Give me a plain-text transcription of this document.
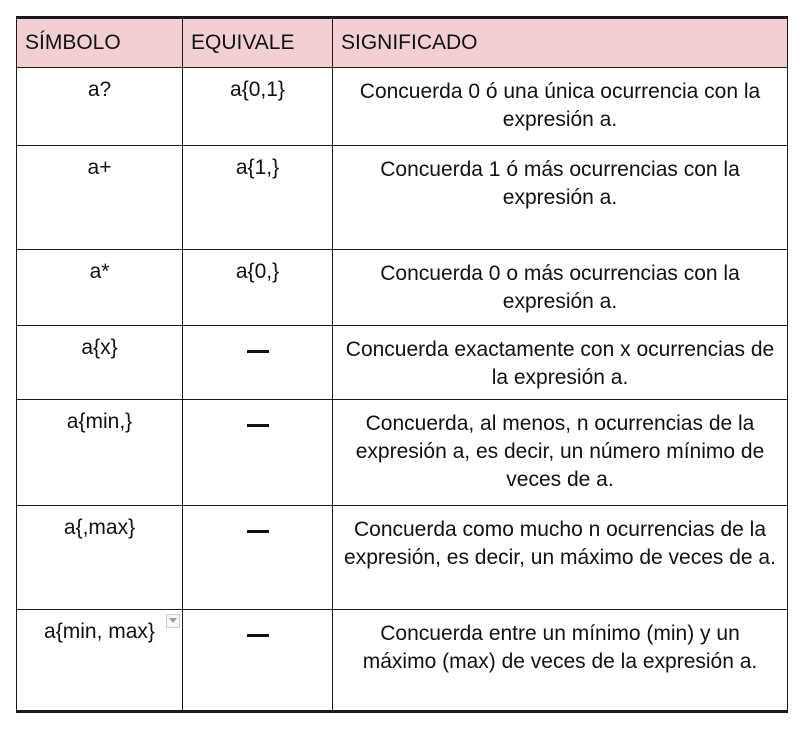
SÍMBOLO	EQUIVALE	SIGNIFICADO
a?	a{0,1}	Concuerda 0 ó una única ocurrencia con la expresión a.
a+	a{1,}	Concuerda 1 ó más ocurrencias con la expresión a.
a*	a{0,}	Concuerda 0 o más ocurrencias con la expresión a.
a{x}		Concuerda exactamente con x ocurrencias de la expresión a.
a{min,}		Concuerda, al menos, n ocurrencias de la expresión a, es decir, un número mínimo de veces de a.
a{,max}		Concuerda como mucho n ocurrencias de la expresión, es decir, un máximo de veces de a.
a{min, max}		Concuerda entre un mínimo (min) y un máximo (max) de veces de la expresión a.
